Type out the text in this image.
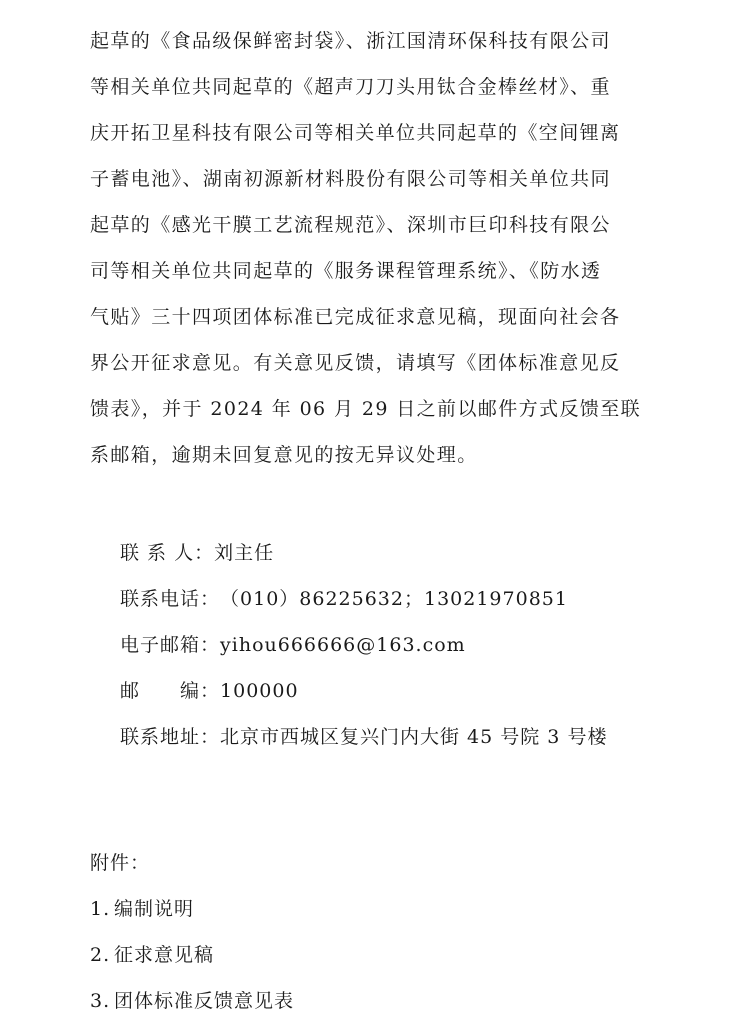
起草的《食品级保鲜密封袋》、浙江国清环保科技有限公司
等相关单位共同起草的《超声刀刀头用钛合金棒丝材》、重
庆开拓卫星科技有限公司等相关单位共同起草的《空间锂离
子蓄电池》、湖南初源新材料股份有限公司等相关单位共同
起草的《感光干膜工艺流程规范》、深圳市巨印科技有限公
司等相关单位共同起草的《服务课程管理系统》、《防水透
气贴》三十四项团体标准已完成征求意见稿，现面向社会各
界公开征求意见。有关意见反馈，请填写《团体标准意见反
馈表》，并于 2024 年 06 月 29 日之前以邮件方式反馈至联
系邮箱，逾期未回复意见的按无异议处理。
联 系 人：刘主任
联系电话：（010）86225632；13021970851
电子邮箱：yihou666666@163.com
邮　　编：100000
联系地址：北京市西城区复兴门内大街 45 号院 3 号楼
附件：
1. 编制说明
2. 征求意见稿
3. 团体标准反馈意见表
